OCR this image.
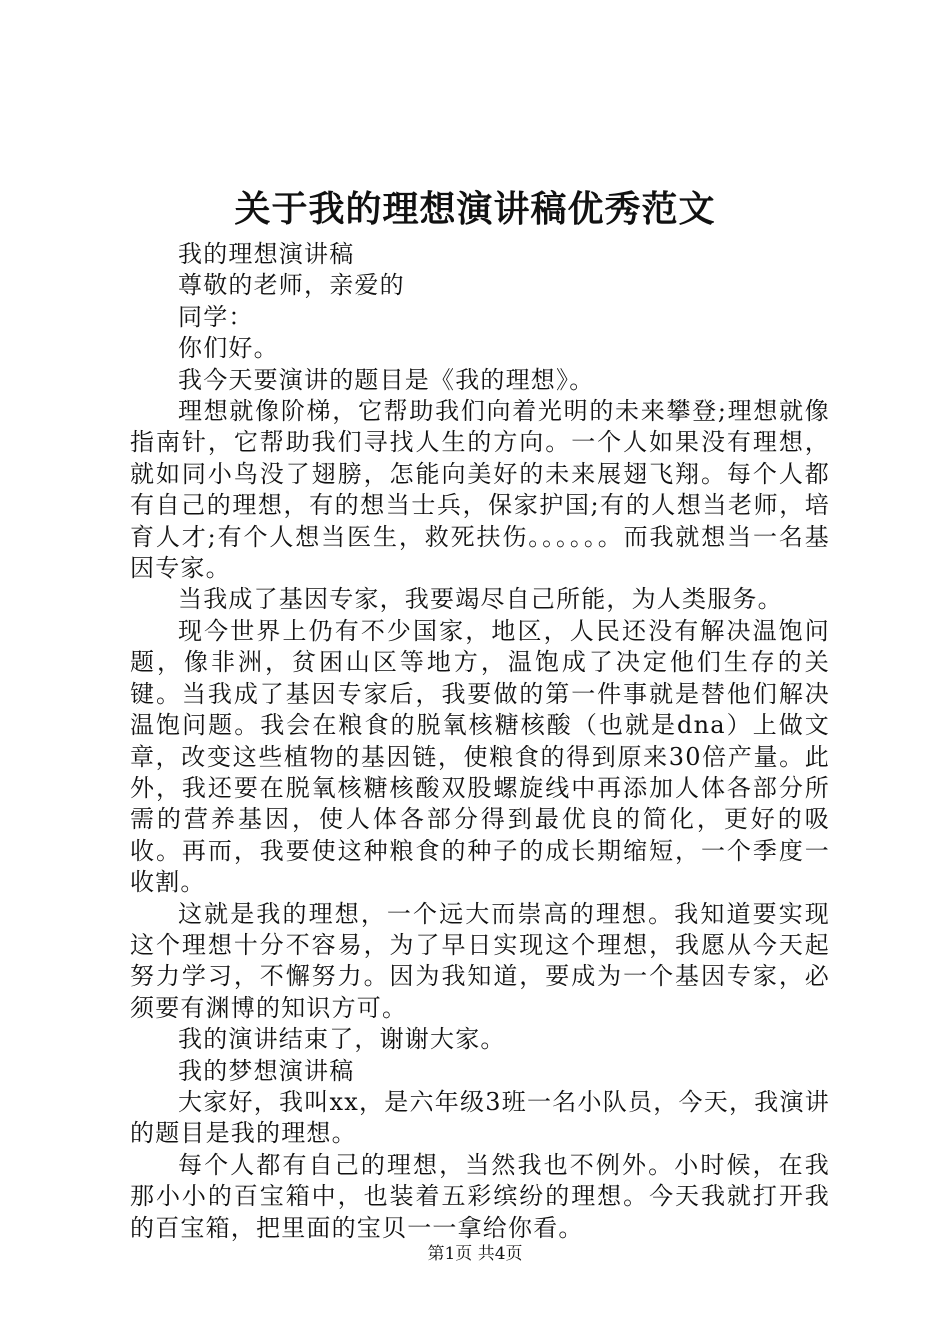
关于我的理想演讲稿优秀范文

我的理想演讲稿

尊敬的老师，亲爱的

同学：

你们好。

我今天要演讲的题目是《我的理想》。

理想就像阶梯，它帮助我们向着光明的未来攀登;理想就像指南针，它帮助我们寻找人生的方向。一个人如果没有理想，就如同小鸟没了翅膀，怎能向美好的未来展翅飞翔。每个人都有自己的理想，有的想当士兵，保家护国;有的人想当老师，培育人才;有个人想当医生，救死扶伤。。。。。。而我就想当一名基因专家。

当我成了基因专家，我要竭尽自己所能，为人类服务。

现今世界上仍有不少国家，地区，人民还没有解决温饱问题，像非洲，贫困山区等地方，温饱成了决定他们生存的关键。当我成了基因专家后，我要做的第一件事就是替他们解决温饱问题。我会在粮食的脱氧核糖核酸（也就是dna）上做文章，改变这些植物的基因链，使粮食的得到原来30倍产量。此外，我还要在脱氧核糖核酸双股螺旋线中再添加人体各部分所需的营养基因，使人体各部分得到最优良的简化，更好的吸收。再而，我要使这种粮食的种子的成长期缩短，一个季度一收割。

这就是我的理想，一个远大而崇高的理想。我知道要实现这个理想十分不容易，为了早日实现这个理想，我愿从今天起努力学习，不懈努力。因为我知道，要成为一个基因专家，必须要有渊博的知识方可。

我的演讲结束了，谢谢大家。

我的梦想演讲稿

大家好，我叫xx，是六年级3班一名小队员，今天，我演讲的题目是我的理想。

每个人都有自己的理想，当然我也不例外。小时候，在我那小小的百宝箱中，也装着五彩缤纷的理想。今天我就打开我的百宝箱，把里面的宝贝一一拿给你看。

第1页 共4页
